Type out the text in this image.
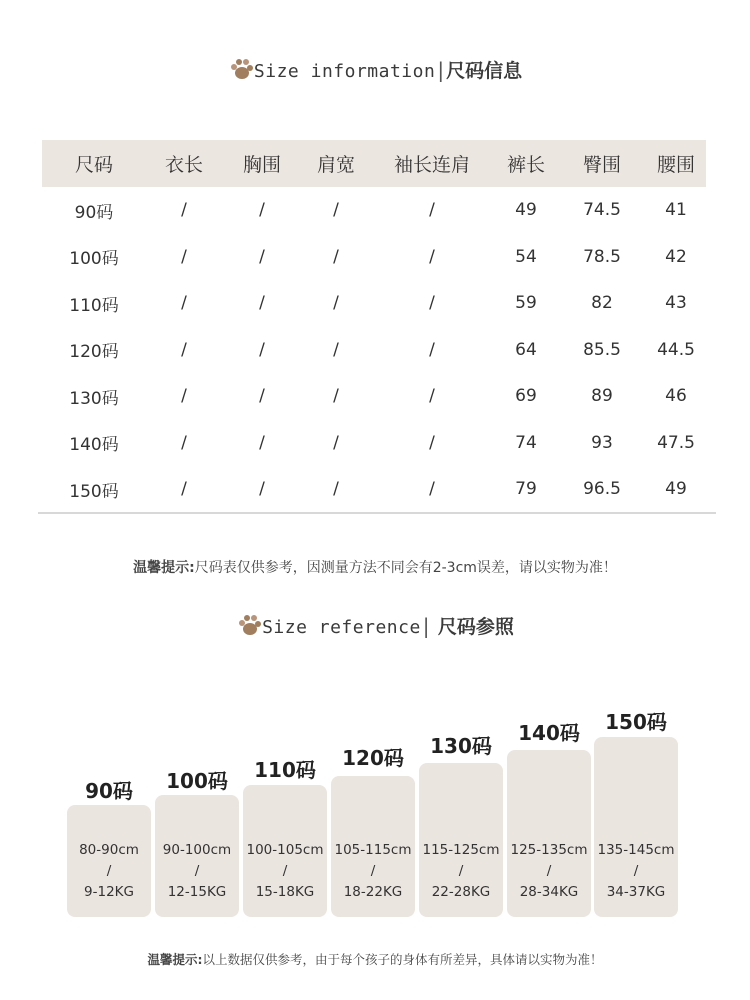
Size information | 尺码信息
尺码	衣长	胸围	肩宽	袖长连肩	裤长	臀围	腰围
90码	/	/	/	/	49	74.5	41
100码	/	/	/	/	54	78.5	42
110码	/	/	/	/	59	82	43
120码	/	/	/	/	64	85.5	44.5
130码	/	/	/	/	69	89	46
140码	/	/	/	/	74	93	47.5
150码	/	/	/	/	79	96.5	49
温馨提示:尺码表仅供参考，因测量方法不同会有2-3cm误差，请以实物为准！
Size reference | 尺码参照
90码
80-90cm
/
9-12KG
100码
90-100cm
/
12-15KG
110码
100-105cm
/
15-18KG
120码
105-115cm
/
18-22KG
130码
115-125cm
/
22-28KG
140码
125-135cm
/
28-34KG
150码
135-145cm
/
34-37KG
温馨提示:以上数据仅供参考，由于每个孩子的身体有所差异，具体请以实物为准！
